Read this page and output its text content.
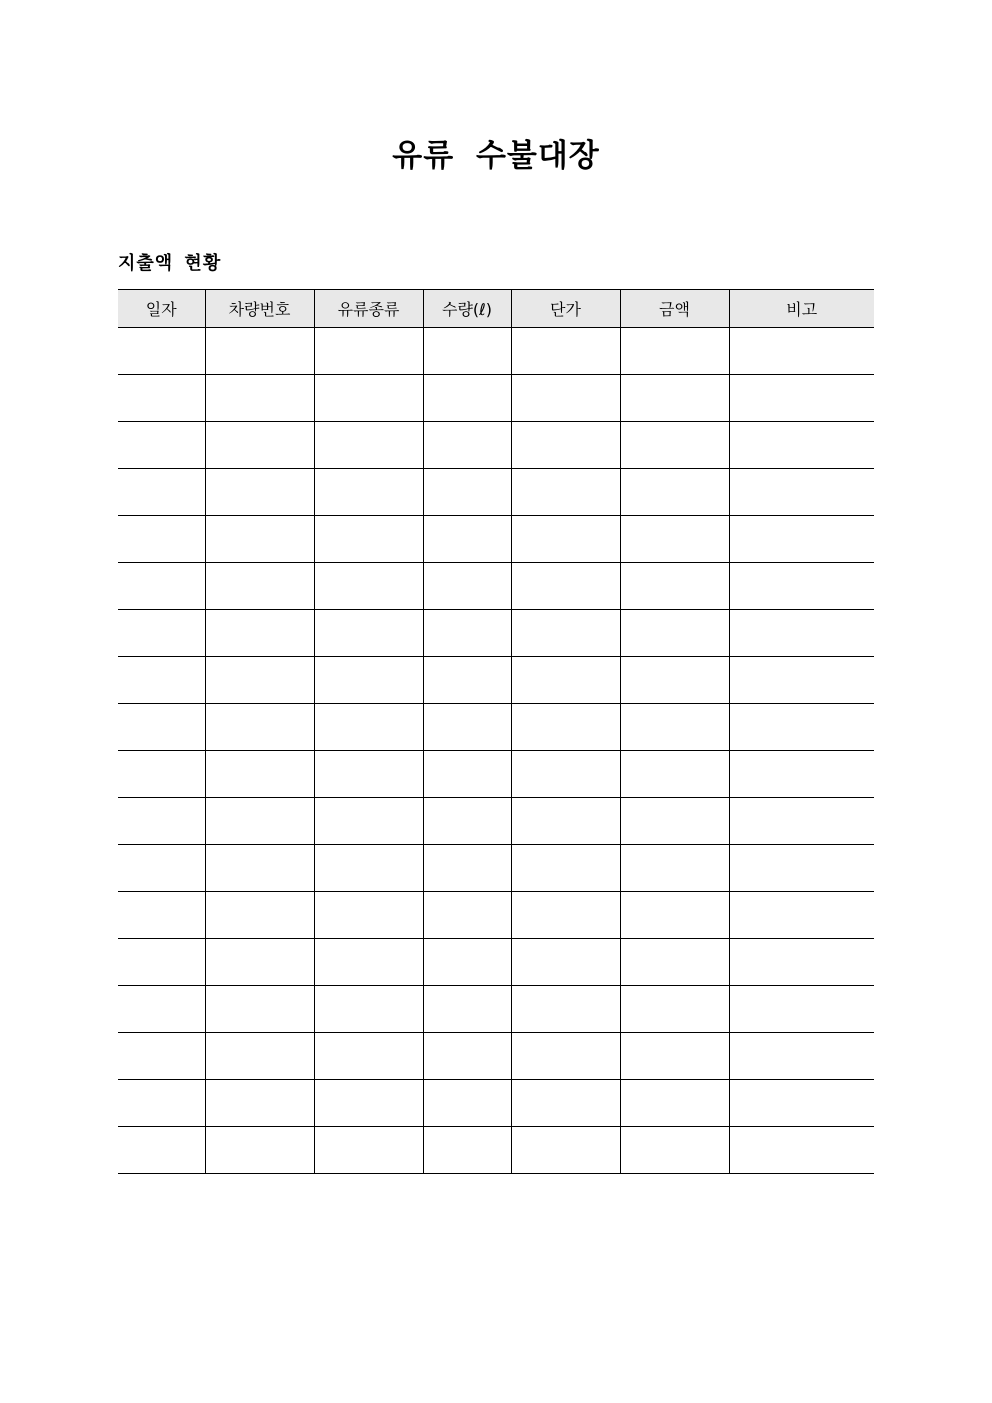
유류 수불대장
지출액 현황
일자	차량번호	유류종류	수량(ℓ)	단가	금액	비고
